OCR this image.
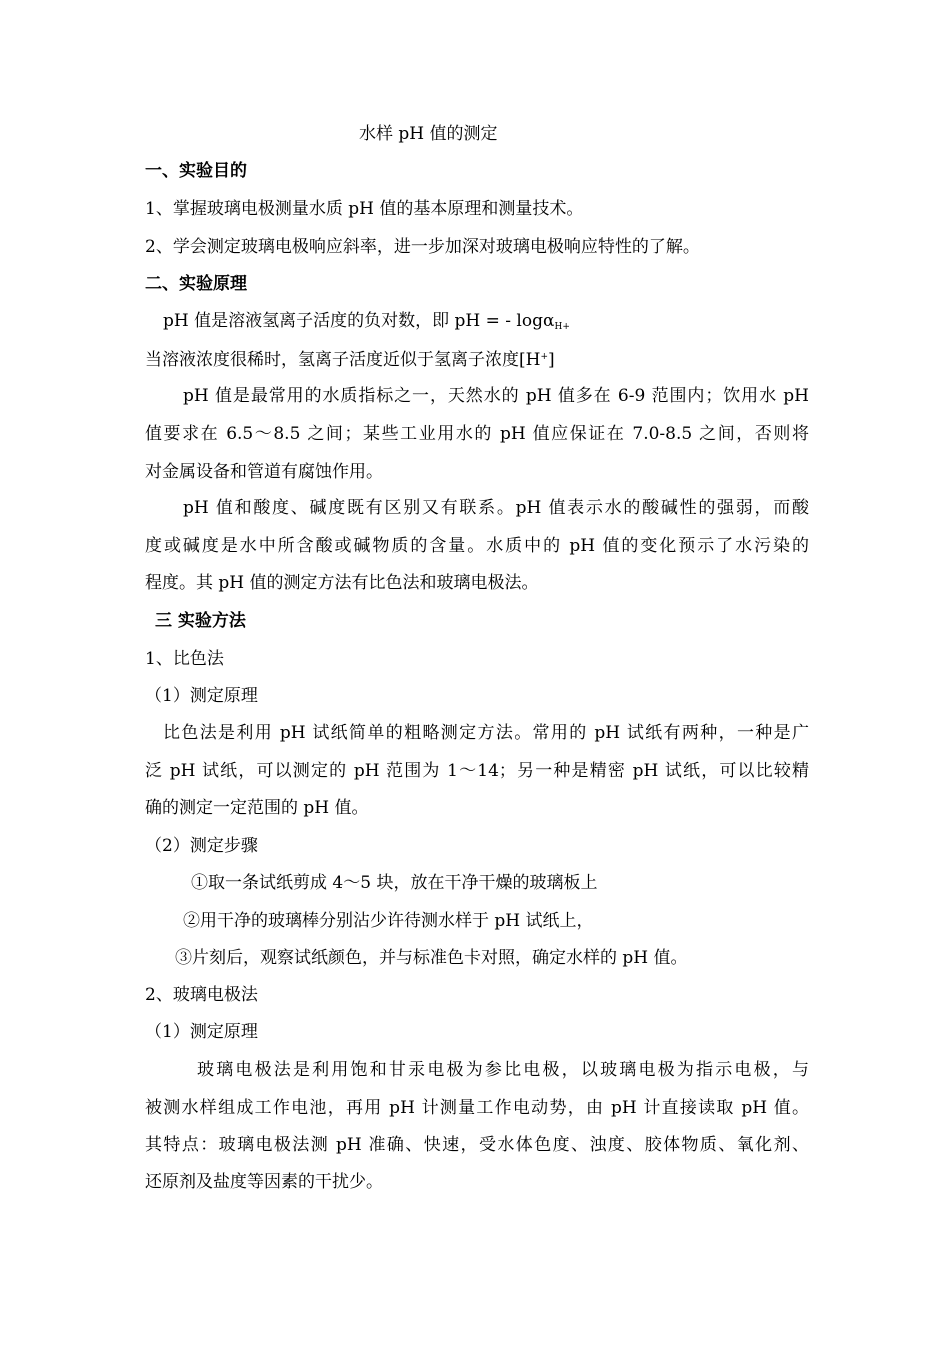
水样 pH 值的测定
一、实验目的
1、掌握玻璃电极测量水质 pH 值的基本原理和测量技术。
2、学会测定玻璃电极响应斜率，进一步加深对玻璃电极响应特性的了解。
二、实验原理
pH 值是溶液氢离子活度的负对数，即 pH = - logα$_{H+}$
当溶液浓度很稀时，氢离子活度近似于氢离子浓度[H+]
pH 值是最常用的水质指标之一，天然水的 pH 值多在 6-9 范围内；饮用水 pH
值要求在 6.5～8.5 之间；某些工业用水的 pH 值应保证在 7.0-8.5 之间，否则将
对金属设备和管道有腐蚀作用。
pH 值和酸度、碱度既有区别又有联系。pH 值表示水的酸碱性的强弱，而酸
度或碱度是水中所含酸或碱物质的含量。水质中的 pH 值的变化预示了水污染的
程度。其 pH 值的测定方法有比色法和玻璃电极法。
三 实验方法
1、比色法
（1）测定原理
比色法是利用 pH 试纸简单的粗略测定方法。常用的 pH 试纸有两种，一种是广
泛 pH 试纸，可以测定的 pH 范围为 1～14；另一种是精密 pH 试纸，可以比较精
确的测定一定范围的 pH 值。
（2）测定步骤
①取一条试纸剪成 4～5 块，放在干净干燥的玻璃板上
②用干净的玻璃棒分别沾少许待测水样于 pH 试纸上，
③片刻后，观察试纸颜色，并与标准色卡对照，确定水样的 pH 值。
2、玻璃电极法
（1）测定原理
玻璃电极法是利用饱和甘汞电极为参比电极，以玻璃电极为指示电极，与
被测水样组成工作电池，再用 pH 计测量工作电动势，由 pH 计直接读取 pH 值。
其特点：玻璃电极法测 pH 准确、快速，受水体色度、浊度、胶体物质、氧化剂、
还原剂及盐度等因素的干扰少。
